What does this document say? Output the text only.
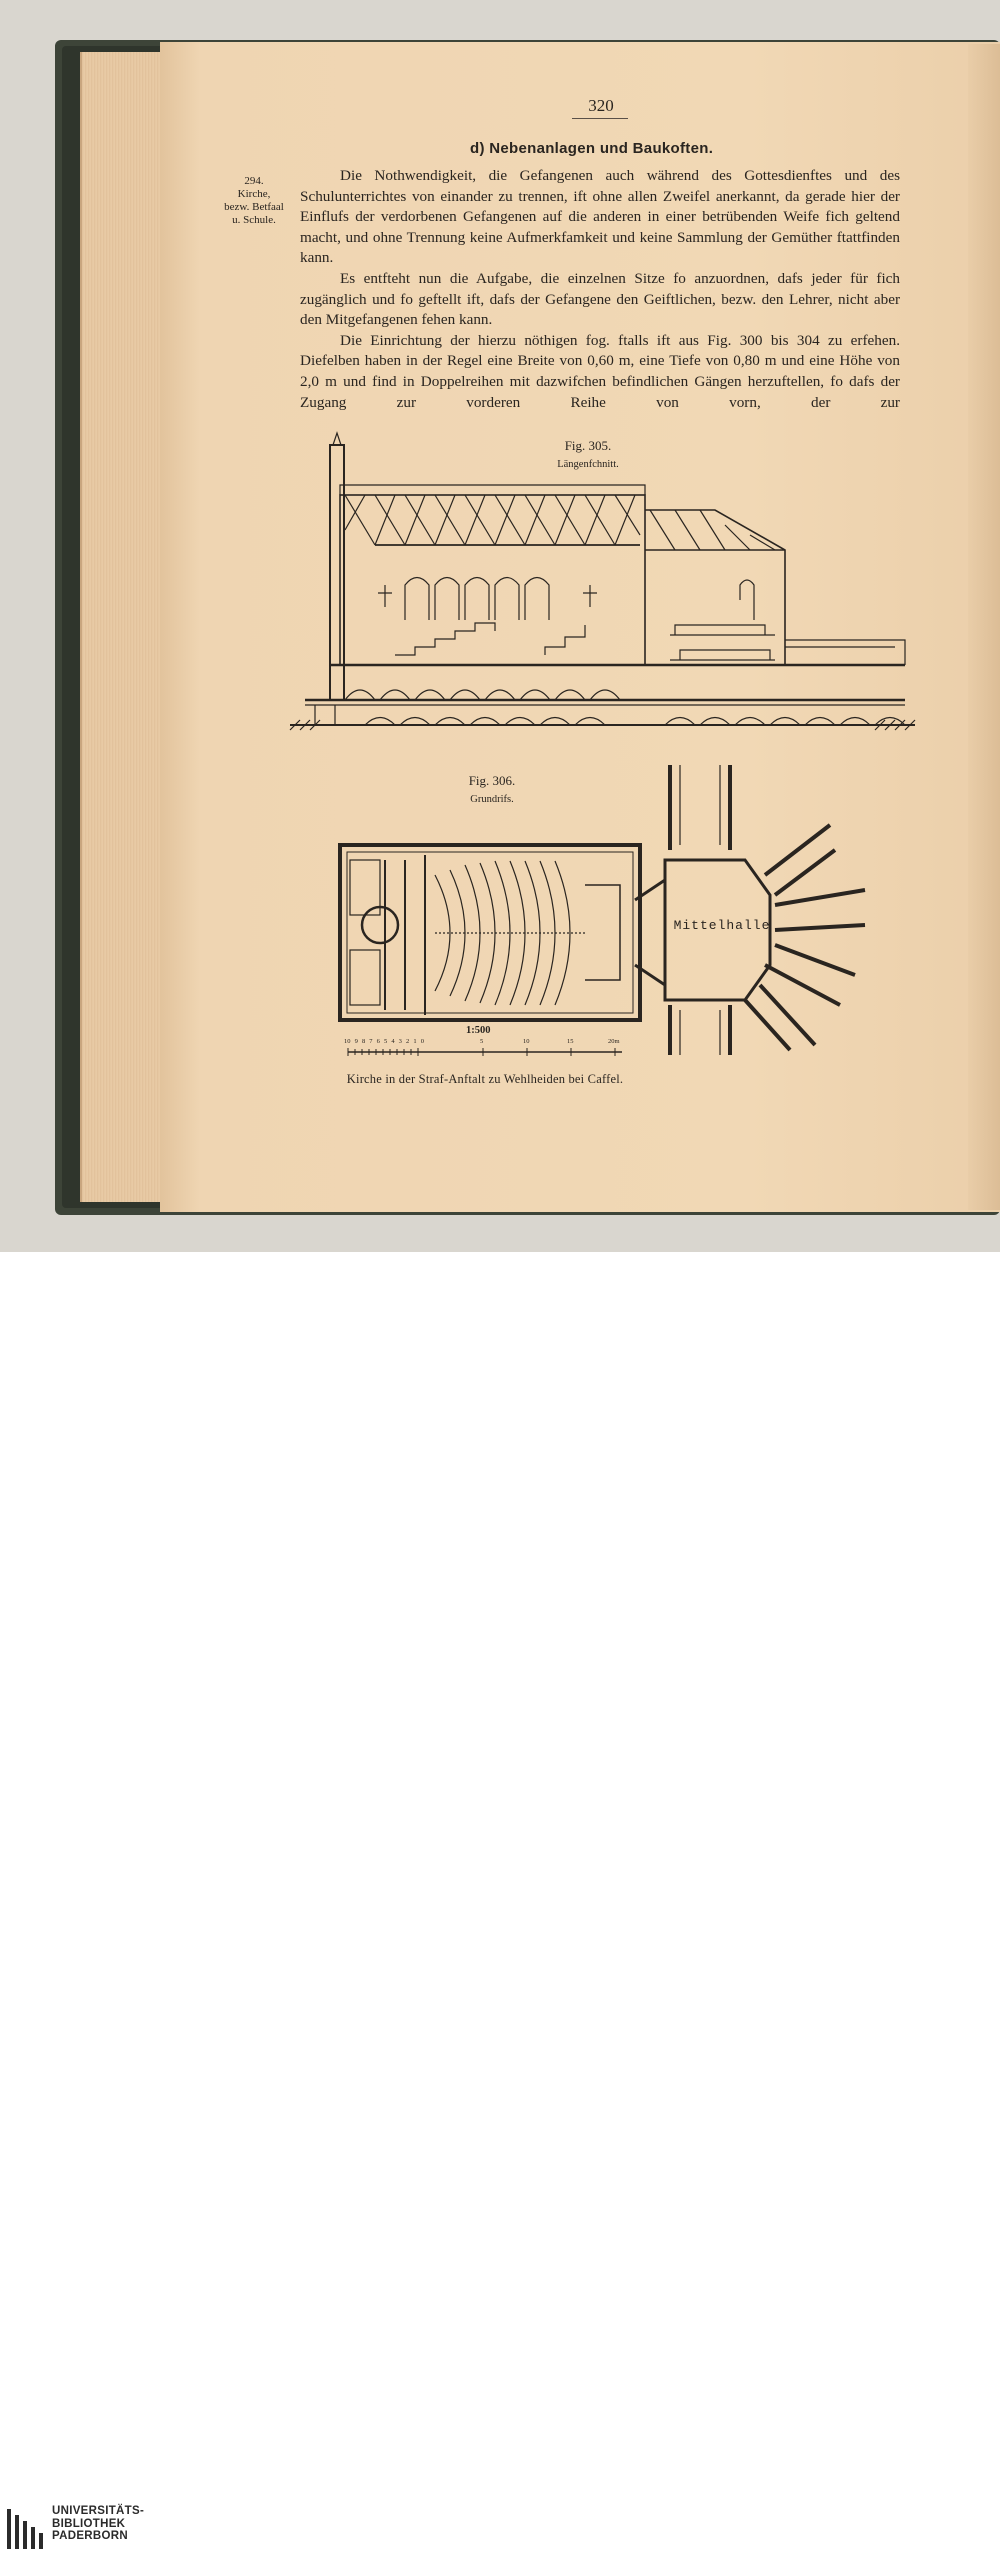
320
d) Nebenanlagen und Baukoften.
294.
Kirche,
bezw. Betfaal
u. Schule.

Die Nothwendigkeit, die Gefangenen auch während des Gottesdienftes und des Schulunterrichtes von einander zu trennen, ift ohne allen Zweifel anerkannt, da gerade hier der Einflufs der verdorbenen Gefangenen auf die anderen in einer betrübenden Weife fich geltend macht, und ohne Trennung keine Aufmerkfamkeit und keine Sammlung der Gemüther ftattfinden kann.

Es entfteht nun die Aufgabe, die einzelnen Sitze fo anzuordnen, dafs jeder für fich zugänglich und fo geftellt ift, dafs der Gefangene den Geiftlichen, bezw. den Lehrer, nicht aber den Mitgefangenen fehen kann.

Die Einrichtung der hierzu nöthigen fog. ftalls ift aus Fig. 300 bis 304 zu erfehen. Diefelben haben in der Regel eine Breite von 0,60 m, eine Tiefe von 0,80 m und eine Höhe von 2,0 m und find in Doppelreihen mit dazwifchen befindlichen Gängen herzuftellen, fo dafs der Zugang zur vorderen Reihe von vorn, der zur

Fig. 305.
Längenfchnitt.
Fig. 306.
Grundrifs.
Mittelhalle
1:500
10 9 8 7 6 5 4 3 2 1 0	5	10	15	20m
Kirche in der Straf-Anftalt zu Wehlheiden bei Caffel.
UNIVERSITÄTS-
BIBLIOTHEK
PADERBORN
